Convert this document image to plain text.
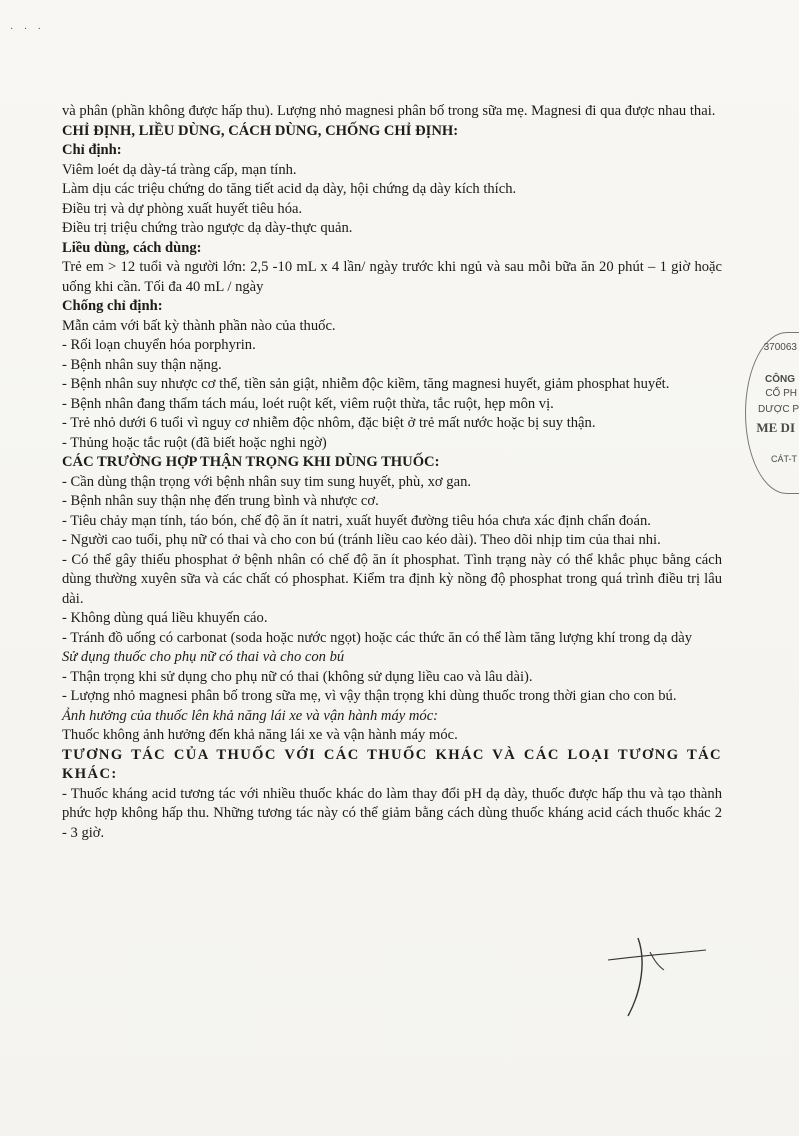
· · ·

và phân (phần không được hấp thu). Lượng nhỏ magnesi phân bố trong sữa mẹ. Magnesi đi qua được nhau thai.

CHỈ ĐỊNH, LIỀU DÙNG, CÁCH DÙNG, CHỐNG CHỈ ĐỊNH:

Chỉ định:

Viêm loét dạ dày-tá tràng cấp, mạn tính.

Làm dịu các triệu chứng do tăng tiết acid dạ dày, hội chứng dạ dày kích thích.

Điều trị và dự phòng xuất huyết tiêu hóa.

Điều trị triệu chứng trào ngược dạ dày-thực quản.

Liều dùng, cách dùng:

Trẻ em > 12 tuổi và người lớn: 2,5 -10 mL x 4 lần/ ngày trước khi ngủ và sau mỗi bữa ăn 20 phút – 1 giờ hoặc uống khi cần. Tối đa 40 mL / ngày

Chống chỉ định:

Mẫn cảm với bất kỳ thành phần nào của thuốc.

- Rối loạn chuyển hóa porphyrin.

- Bệnh nhân suy thận nặng.

- Bệnh nhân suy nhược cơ thể, tiền sản giật, nhiễm độc kiềm, tăng magnesi huyết, giảm phosphat huyết.

- Bệnh nhân đang thẩm tách máu, loét ruột kết, viêm ruột thừa, tắc ruột, hẹp môn vị.

- Trẻ nhỏ dưới 6 tuổi vì nguy cơ nhiễm độc nhôm, đặc biệt ở trẻ mất nước hoặc bị suy thận.

- Thủng hoặc tắc ruột (đã biết hoặc nghi ngờ)

CÁC TRƯỜNG HỢP THẬN TRỌNG KHI DÙNG THUỐC:

- Cần dùng thận trọng với bệnh nhân suy tim sung huyết, phù, xơ gan.

- Bệnh nhân suy thận nhẹ đến trung bình và nhược cơ.

- Tiêu chảy mạn tính, táo bón, chế độ ăn ít natri, xuất huyết đường tiêu hóa chưa xác định chẩn đoán.

- Người cao tuổi, phụ nữ có thai và cho con bú (tránh liều cao kéo dài). Theo dõi nhịp tim của thai nhi.

- Có thể gây thiếu phosphat ở bệnh nhân có chế độ ăn ít phosphat. Tình trạng này có thể khắc phục bằng cách dùng thường xuyên sữa và các chất có phosphat. Kiểm tra định kỳ nồng độ phosphat trong quá trình điều trị lâu dài.

- Không dùng quá liều khuyến cáo.

- Tránh đồ uống có carbonat (soda hoặc nước ngọt) hoặc các thức ăn có thể làm tăng lượng khí trong dạ dày

Sử dụng thuốc cho phụ nữ có thai và cho con bú

- Thận trọng khi sử dụng cho phụ nữ có thai (không sử dụng liều cao và lâu dài).

- Lượng nhỏ magnesi phân bố trong sữa mẹ, vì vậy thận trọng khi dùng thuốc trong thời gian cho con bú.

Ảnh hưởng của thuốc lên khả năng lái xe và vận hành máy móc:

Thuốc không ảnh hưởng đến khả năng lái xe và vận hành máy móc.

TƯƠNG TÁC CỦA THUỐC VỚI CÁC THUỐC KHÁC VÀ CÁC LOẠI TƯƠNG TÁC KHÁC:

- Thuốc kháng acid tương tác với nhiều thuốc khác do làm thay đổi pH dạ dày, thuốc được hấp thu và tạo thành phức hợp không hấp thu. Những tương tác này có thể giảm bằng cách dùng thuốc kháng acid cách thuốc khác 2 - 3 giờ.

370063
CÔNG
CỔ PH
DƯỢC P
ME DI
CÁT-T
